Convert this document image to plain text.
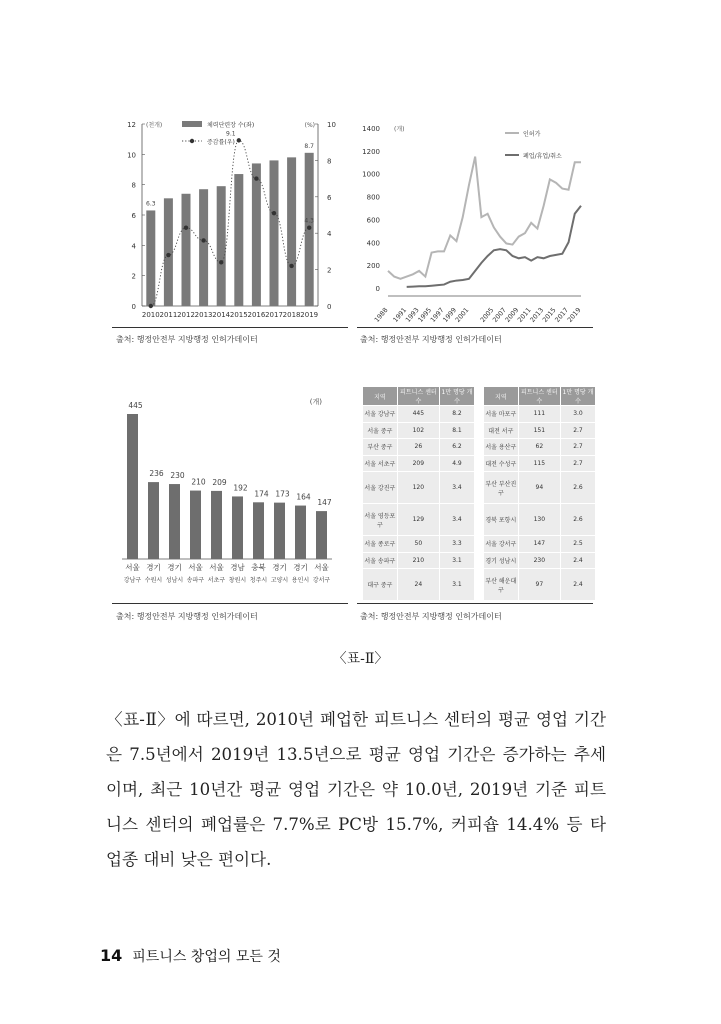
0
2
4
6
8
10
12
0
2
4
6
8
10
(천개)	(%)
2010 2011 2012 2013 2014 2015 2016 2017 2018 2019
6.3
9.1
8.7
4.3
체력단련장 수(좌)
증감률(우)
출처: 행정안전부 지방행정 인허가데이터
0
200
400
600
800
1000
1200
1400 (개)
1988 1991
1993
1995
1997
1999
2001 2005
2007
2009
2011
2013
2015
2017
2019
인허가
폐업/휴업/취소
출처: 행정안전부 지방행정 인허가데이터
(개)
445
서울
강남구
236
경기
수원시
230
경기
성남시
210
서울
송파구
209
서울
서초구
192
경남
창원시
174
충북
청주시
173
경기
고양시
164
경기
용인시
147
서울
강서구
출처: 행정안전부 지방행정 인허가데이터
지역	피트니스 센터 수	1만 명당 개수		지역	피트니스 센터 수	1만 명당 개수
서울 강남구	445	8.2		서울 마포구	111	3.0
서울 중구	102	8.1		대전 서구	151	2.7
부산 중구	26	6.2		서울 용산구	62	2.7
서울 서초구	209	4.9		대전 수성구	115	2.7
서울 강진구	120	3.4		부산 부산진구	94	2.6
서울 영등포구	129	3.4		경북 포항시	130	2.6
서울 종로구	50	3.3		서울 강서구	147	2.5
서울 송파구	210	3.1		경기 성남시	230	2.4
대구 중구	24	3.1		부산 해운대구	97	2.4
출처: 행정안전부 지방행정 인허가데이터
〈표-Ⅱ〉
〈표-Ⅱ〉에 따르면, 2010년 폐업한 피트니스 센터의 평균 영업 기간은 7.5년에서 2019년 13.5년으로 평균 영업 기간은 증가하는 추세이며, 최근 10년간 평균 영업 기간은 약 10.0년, 2019년 기준 피트니스 센터의 폐업률은 7.7%로 PC방 15.7%, 커피숍 14.4% 등 타 업종 대비 낮은 편이다.
14 피트니스 창업의 모든 것
